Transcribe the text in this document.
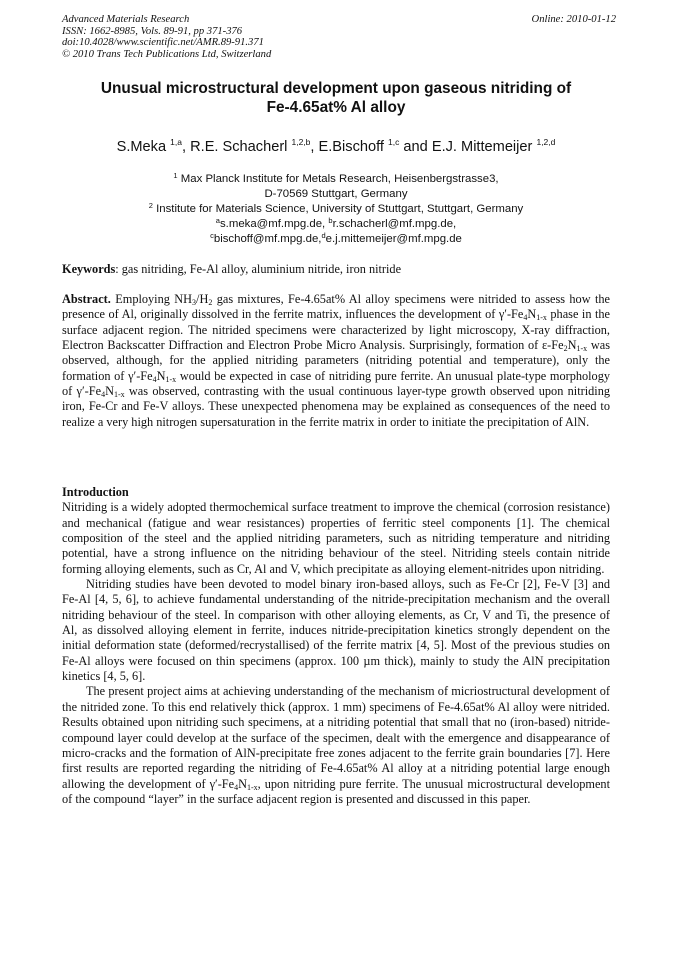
Advanced Materials Research
ISSN: 1662-8985, Vols. 89-91, pp 371-376
doi:10.4028/www.scientific.net/AMR.89-91.371
© 2010 Trans Tech Publications Ltd, Switzerland
Online: 2010-01-12
Unusual microstructural development upon gaseous nitriding of
Fe-4.65at% Al alloy
S.Meka $^{1,a}$, R.E. Schacherl $^{1,2,b}$, E.Bischoff $^{1,c}$ and E.J. Mittemeijer $^{1,2,d}$
$^1$ Max Planck Institute for Metals Research, Heisenbergstrasse3,
D-70569 Stuttgart, Germany
$^2$ Institute for Materials Science, University of Stuttgart, Stuttgart, Germany
$^a$s.meka@mf.mpg.de, $^b$r.schacherl@mf.mpg.de,
$^c$bischoff@mf.mpg.de,$^d$e.j.mittemeijer@mf.mpg.de
Keywords: gas nitriding, Fe-Al alloy, aluminium nitride, iron nitride
Abstract. Employing $NH_3/H_2$ gas mixtures, Fe-4.65at% Al alloy specimens were nitrided to assess how the presence of Al, originally dissolved in the ferrite matrix, influences the development of $\gamma'-Fe_4N_{1-x}$ phase in the surface adjacent region. The nitrided specimens were characterized by light microscopy, X-ray diffraction, Electron Backscatter Diffraction and Electron Probe Micro Analysis. Surprisingly, formation of $\varepsilon-Fe_2N_{1-x}$ was observed, although, for the applied nitriding parameters (nitriding potential and temperature), only the formation of $\gamma'-Fe_4N_{1-x}$ would be expected in case of nitriding pure ferrite. An unusual plate-type morphology of $\gamma'-Fe_4N_{1-x}$ was observed, contrasting with the usual continuous layer-type growth observed upon nitriding iron, Fe-Cr and Fe-V alloys. These unexpected phenomena may be explained as consequences of the need to realize a very high nitrogen supersaturation in the ferrite matrix in order to initiate the precipitation of AlN.
Introduction

Nitriding is a widely adopted thermochemical surface treatment to improve the chemical (corrosion resistance) and mechanical (fatigue and wear resistances) properties of ferritic steel components [1]. The chemical composition of the steel and the applied nitriding parameters, such as nitriding temperature and nitriding potential, have a strong influence on the nitriding behaviour of the steel. Nitriding steels contain nitride forming alloying elements, such as Cr, Al and V, which precipitate as alloying element-nitrides upon nitriding.

Nitriding studies have been devoted to model binary iron-based alloys, such as Fe-Cr [2], Fe-V [3] and Fe-Al [4, 5, 6], to achieve fundamental understanding of the nitride-precipitation mechanism and the overall nitriding behaviour of the steel. In comparison with other alloying elements, as Cr, V and Ti, the presence of Al, as dissolved alloying element in ferrite, induces nitride-precipitation kinetics strongly dependent on the initial deformation state (deformed/recrystallised) of the ferrite matrix [4, 5]. Most of the previous studies on Fe-Al alloys were focused on thin specimens (approx. 100 µm thick), mainly to study the AlN precipitation kinetics [4, 5, 6].

The present project aims at achieving understanding of the mechanism of micriostructural development of the nitrided zone. To this end relatively thick (approx. 1 mm) specimens of Fe-4.65at% Al alloy were nitrided. Results obtained upon nitriding such specimens, at a nitriding potential that small that no (iron-based) nitride-compound layer could develop at the surface of the specimen, dealt with the emergence and disappearance of micro-cracks and the formation of AlN-precipitate free zones adjacent to the ferrite grain boundaries [7]. Here first results are reported regarding the nitriding of Fe-4.65at% Al alloy at a nitriding potential large enough allowing the development of $\gamma'-Fe_4N_{1-x}$, upon nitriding pure ferrite. The unusual microstructural development of the compound “layer” in the surface adjacent region is presented and discussed in this paper.
